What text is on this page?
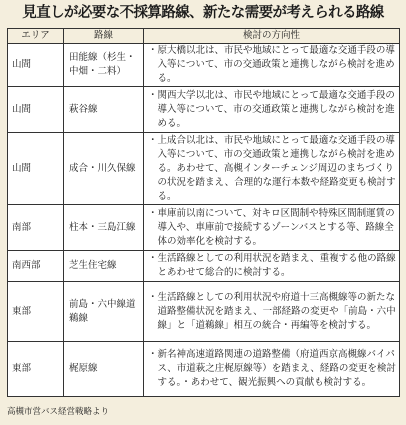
見直しが必要な不採算路線、新たな需要が考えられる路線
エリア	路線	検討の方向性
山間	田能線（杉生・中畑・二料）	・ 原大橋以北は、市民や地域にとって最適な交通手段の導入等について、市の交通政策と連携しながら検討を進める。

山間	萩谷線	・ 関西大学以北は、市民や地域にとって最適な交通手段の導入等について、市の交通政策と連携しながら検討を進める。

山間	成合・川久保線	・ 上成合以北は、市民や地域にとって最適な交通手段の導入等について、市の交通政策と連携しながら検討を進める。あわせて、高槻インターチェンジ周辺のまちづくりの状況を踏まえ、合理的な運行本数や経路変更も検討する。

南部	柱本・三島江線	・ 車庫前以南について、対キロ区間制や特殊区間制運賃の導入や、車庫前で接続するゾーンバスとする等、路線全体の効率化を検討する。

南西部	芝生住宅線	・ 生活路線としての利用状況を踏まえ、重複する他の路線とあわせて総合的に検討する。

東部	前島・六中線道鵜線	・ 生活路線としての利用状況や府道十三高槻線等の新たな道路整備状況を踏まえ、一部経路の変更や「前島・六中線」と「道鵜線」相互の統合・再編等を検討する。

東部	梶原線	・ 新名神高速道路関連の道路整備（府道西京高槻線バイパス、市道萩之庄梶原線等）を踏まえ、経路の変更を検討する。・あわせて、観光振興への貢献も検討する。
高槻市営バス経営戦略より
